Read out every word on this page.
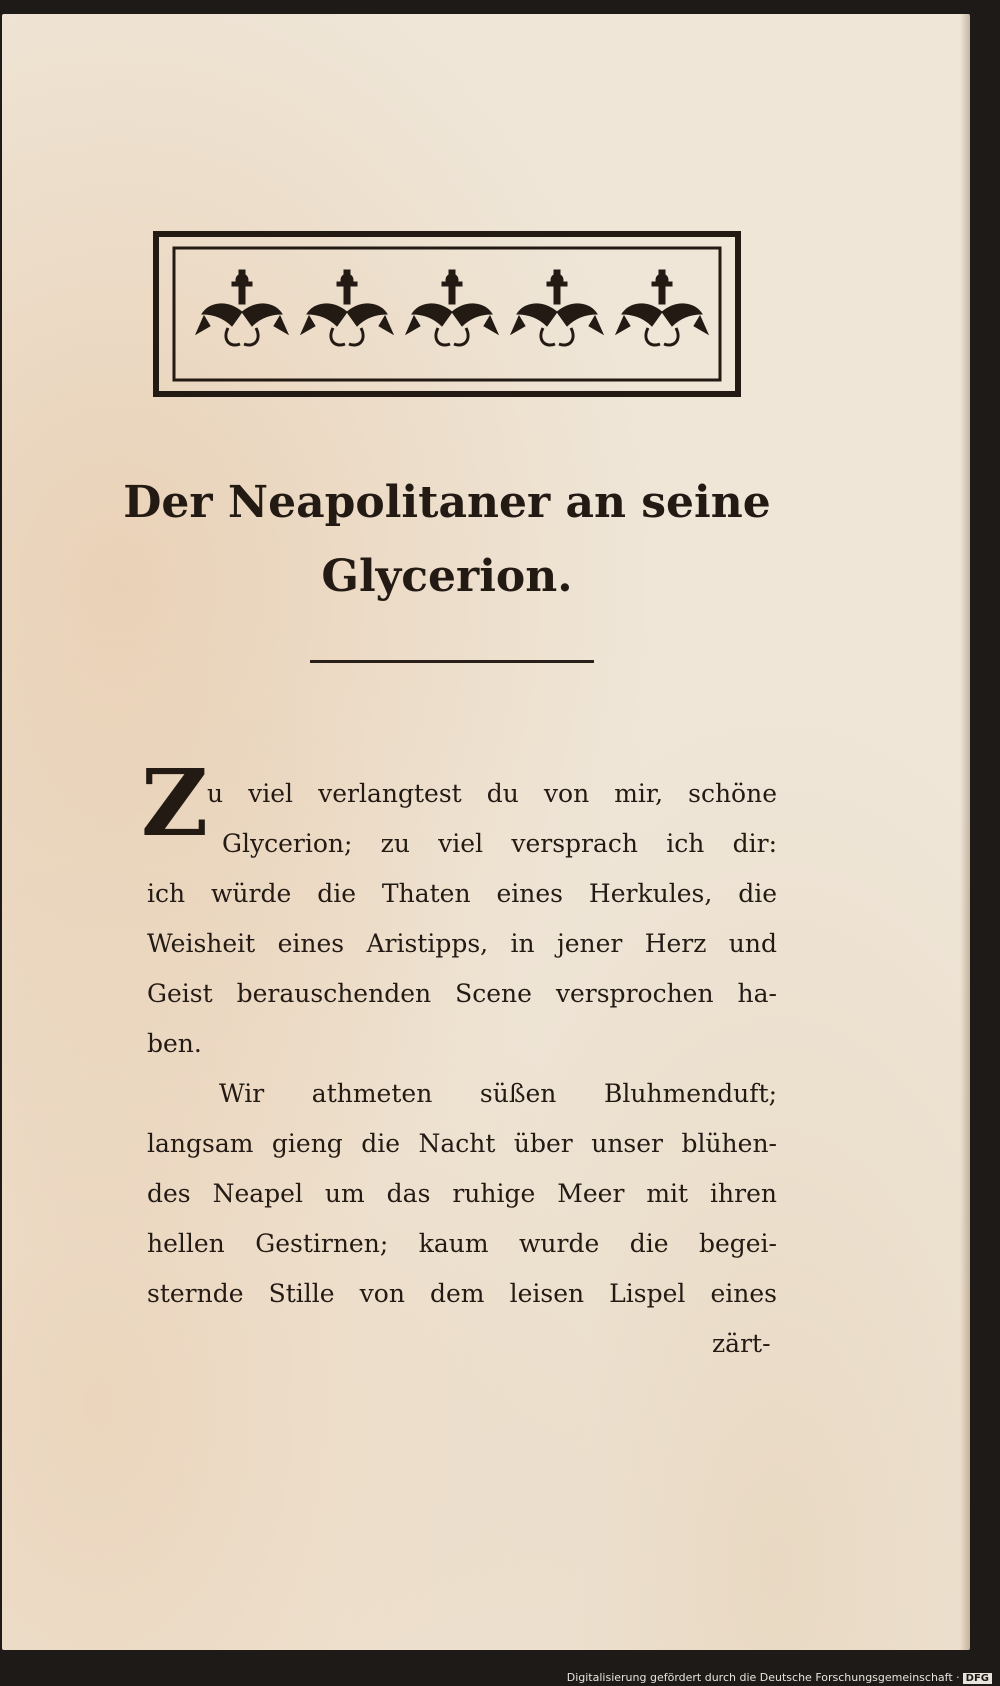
Der Neapolitaner an seine
Glycerion.
Z
u viel verlangtest du von mir, schöne
Glycerion; zu viel versprach ich dir:
ich würde die Thaten eines Herkules, die
Weisheit eines Aristipps, in jener Herz und
Geist berauschenden Scene versprochen ha-
ben.
Wir athmeten süßen Bluhmenduft;
langsam gieng die Nacht über unser blühen-
des Neapel um das ruhige Meer mit ihren
hellen Gestirnen; kaum wurde die begei-
sternde Stille von dem leisen Lispel eines
zärt-
Digitalisierung gefördert durch die Deutsche Forschungsgemeinschaft · DFG
